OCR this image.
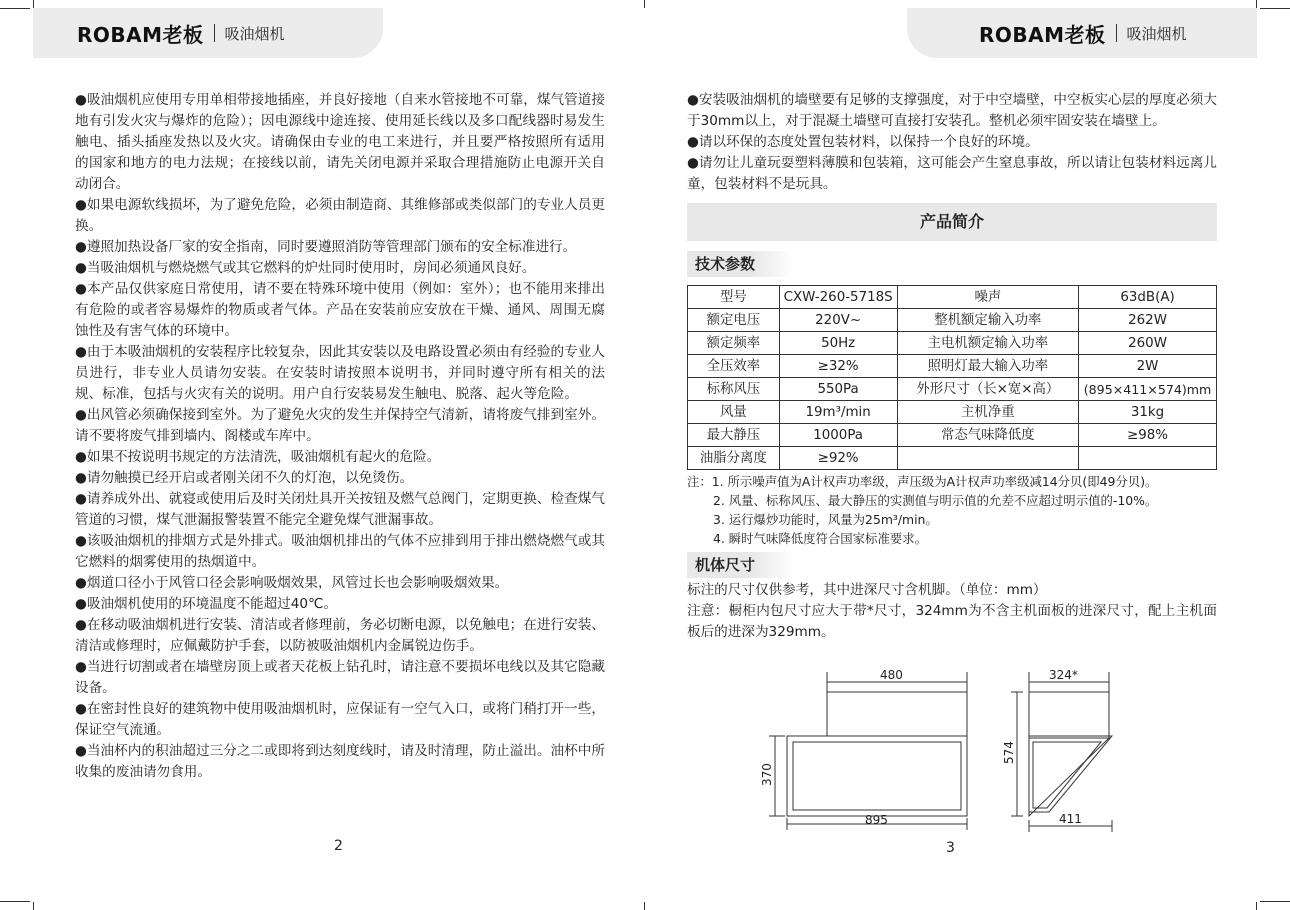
ROBAM老板 吸油烟机	ROBAM老板 吸油烟机

●吸油烟机应使用专用单相带接地插座，并良好接地（自来水管接地不可靠，煤气管道接地有引发火灾与爆炸的危险）；因电源线中途连接、使用延长线以及多口配线器时易发生触电、插头插座发热以及火灾。请确保由专业的电工来进行，并且要严格按照所有适用的国家和地方的电力法规；在接线以前，请先关闭电源并采取合理措施防止电源开关自动闭合。

●如果电源软线损坏，为了避免危险，必须由制造商、其维修部或类似部门的专业人员更换。

●遵照加热设备厂家的安全指南，同时要遵照消防等管理部门颁布的安全标准进行。

●当吸油烟机与燃烧燃气或其它燃料的炉灶同时使用时，房间必须通风良好。

●本产品仅供家庭日常使用，请不要在特殊环境中使用（例如：室外）；也不能用来排出有危险的或者容易爆炸的物质或者气体。产品在安装前应安放在干燥、通风、周围无腐蚀性及有害气体的环境中。

●由于本吸油烟机的安装程序比较复杂，因此其安装以及电路设置必须由有经验的专业人员进行，非专业人员请勿安装。在安装时请按照本说明书，并同时遵守所有相关的法规、标准，包括与火灾有关的说明。用户自行安装易发生触电、脱落、起火等危险。

●出风管必须确保接到室外。为了避免火灾的发生并保持空气清新，请将废气排到室外。请不要将废气排到墙内、阁楼或车库中。

●如果不按说明书规定的方法清洗，吸油烟机有起火的危险。

●请勿触摸已经开启或者刚关闭不久的灯泡，以免烫伤。

●请养成外出、就寝或使用后及时关闭灶具开关按钮及燃气总阀门，定期更换、检查煤气管道的习惯，煤气泄漏报警装置不能完全避免煤气泄漏事故。

●该吸油烟机的排烟方式是外排式。吸油烟机排出的气体不应排到用于排出燃烧燃气或其它燃料的烟雾使用的热烟道中。

●烟道口径小于风管口径会影响吸烟效果，风管过长也会影响吸烟效果。

●吸油烟机使用的环境温度不能超过40℃。

●在移动吸油烟机进行安装、清洁或者修理前，务必切断电源，以免触电；在进行安装、清洁或修理时，应佩戴防护手套，以防被吸油烟机内金属锐边伤手。

●当进行切割或者在墙壁房顶上或者天花板上钻孔时，请注意不要损坏电线以及其它隐藏设备。

●在密封性良好的建筑物中使用吸油烟机时，应保证有一空气入口，或将门稍打开一些，保证空气流通。

●当油杯内的积油超过三分之二或即将到达刻度线时，请及时清理，防止溢出。油杯中所收集的废油请勿食用。

2

●安装吸油烟机的墙壁要有足够的支撑强度，对于中空墙壁，中空板实心层的厚度必须大于30mm以上，对于混凝土墙壁可直接打安装孔。整机必须牢固安装在墙壁上。

●请以环保的态度处置包装材料，以保持一个良好的环境。

●请勿让儿童玩耍塑料薄膜和包装箱，这可能会产生窒息事故，所以请让包装材料远离儿童，包装材料不是玩具。

产品简介
技术参数
型号	CXW-260-5718S	噪声	63dB(A)
额定电压	220V~	整机额定输入功率	262W
额定频率	50Hz	主电机额定输入功率	260W
全压效率	≥32%	照明灯最大输入功率	2W
标称风压	550Pa	外形尺寸（长×宽×高）	(895×411×574)mm
风量	19m³/min	主机净重	31kg
最大静压	1000Pa	常态气味降低度	≥98%
油脂分离度	≥92%		
注：1. 所示噪声值为A计权声功率级，声压级为A计权声功率级减14分贝(即49分贝)。
2. 风量、标称风压、最大静压的实测值与明示值的允差不应超过明示值的-10%。
3. 运行爆炒功能时，风量为25m³/min。
4. 瞬时气味降低度符合国家标准要求。
机体尺寸

标注的尺寸仅供参考，其中进深尺寸含机脚。（单位：mm）

注意：橱柜内包尺寸应大于带*尺寸，324mm为不含主机面板的进深尺寸，配上主机面板后的进深为329mm。

480
370
895
324*
574
411
3
